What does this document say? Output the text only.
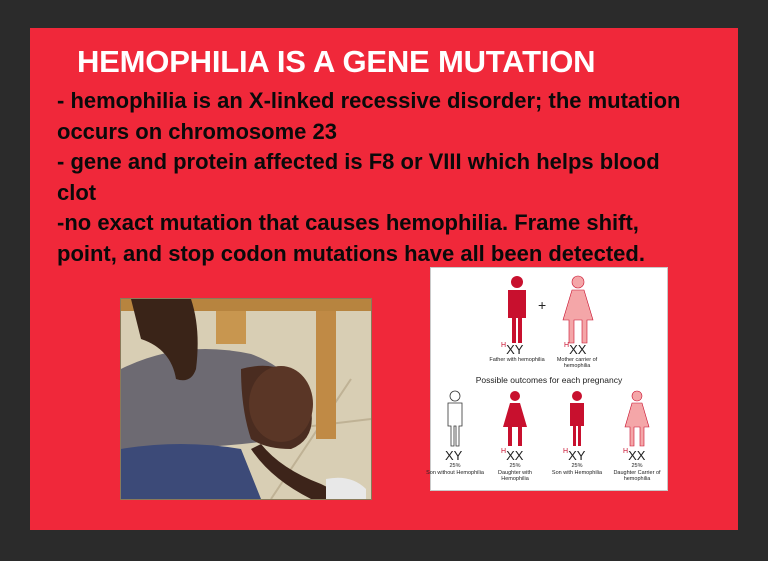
HEMOPHILIA IS A GENE MUTATION
- hemophilia is an X-linked recessive disorder; the mutation occurs on chromosome 23
- gene and protein affected is F8 or VIII which helps blood clot
-no exact mutation that causes hemophilia. Frame shift, point, and stop codon mutations have all been detected.
+
$^H$XY
Father with hemophilia
$^H$XX
Mother carrier of hemophilia
Possible outcomes for each pregnancy
XY
25%
Son without Hemophilia
$^H$XX
25%
Daughter with Hemophilia
$^H$XY
25%
Son with Hemophilia
$^H$XX
25%
Daughter Carrier of hemophilia
